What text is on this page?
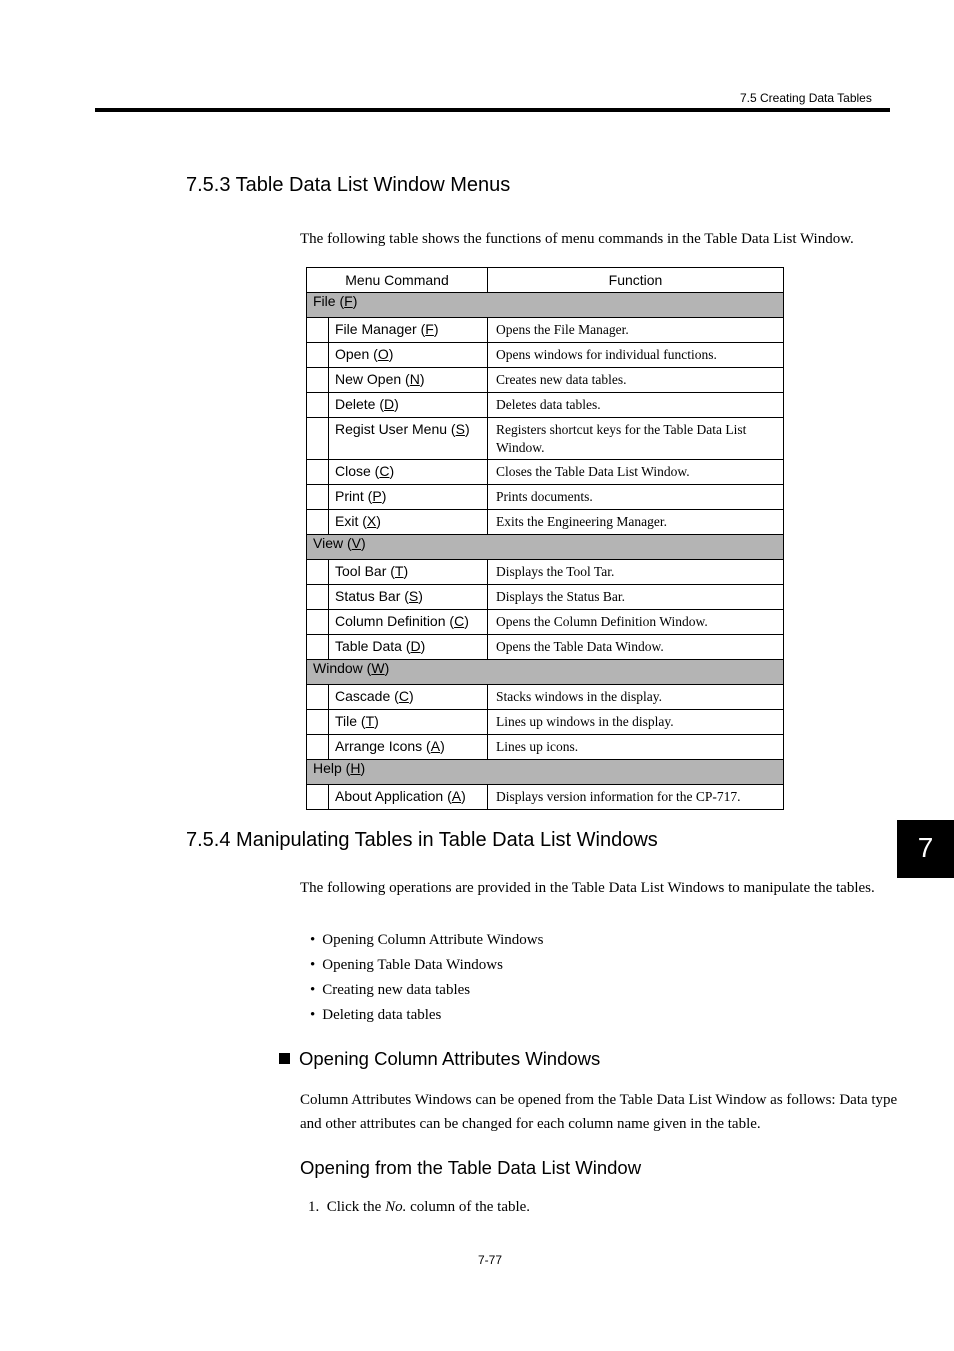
7.5 Creating Data Tables
7.5.3 Table Data List Window Menus
The following table shows the functions of menu commands in the Table Data List Window.
Menu Command		Function
File (F)		
	File Manager (F)	Opens the File Manager.
	Open (O)	Opens windows for individual functions.
	New Open (N)	Creates new data tables.
	Delete (D)	Deletes data tables.
	Regist User Menu (S)	Registers shortcut keys for the Table Data List Window.
	Close (C)	Closes the Table Data List Window.
	Print (P)	Prints documents.
	Exit (X)	Exits the Engineering Manager.
View (V)		
	Tool Bar (T)	Displays the Tool Tar.
	Status Bar (S)	Displays the Status Bar.
	Column Definition (C)	Opens the Column Definition Window.
	Table Data (D)	Opens the Table Data Window.
Window (W)		
	Cascade (C)	Stacks windows in the display.
	Tile (T)	Lines up windows in the display.
	Arrange Icons (A)	Lines up icons.
Help (H)		
	About Application (A)	Displays version information for the CP-717.
7
7.5.4 Manipulating Tables in Table Data List Windows
The following operations are provided in the Table Data List Windows to manipulate the tables.
• Opening Column Attribute Windows
• Opening Table Data Windows
• Creating new data tables
• Deleting data tables
Opening Column Attributes Windows
Column Attributes Windows can be opened from the Table Data List Window as follows: Data type and other attributes can be changed for each column name given in the table.
Opening from the Table Data List Window
1. Click the No. column of the table.
7-77
